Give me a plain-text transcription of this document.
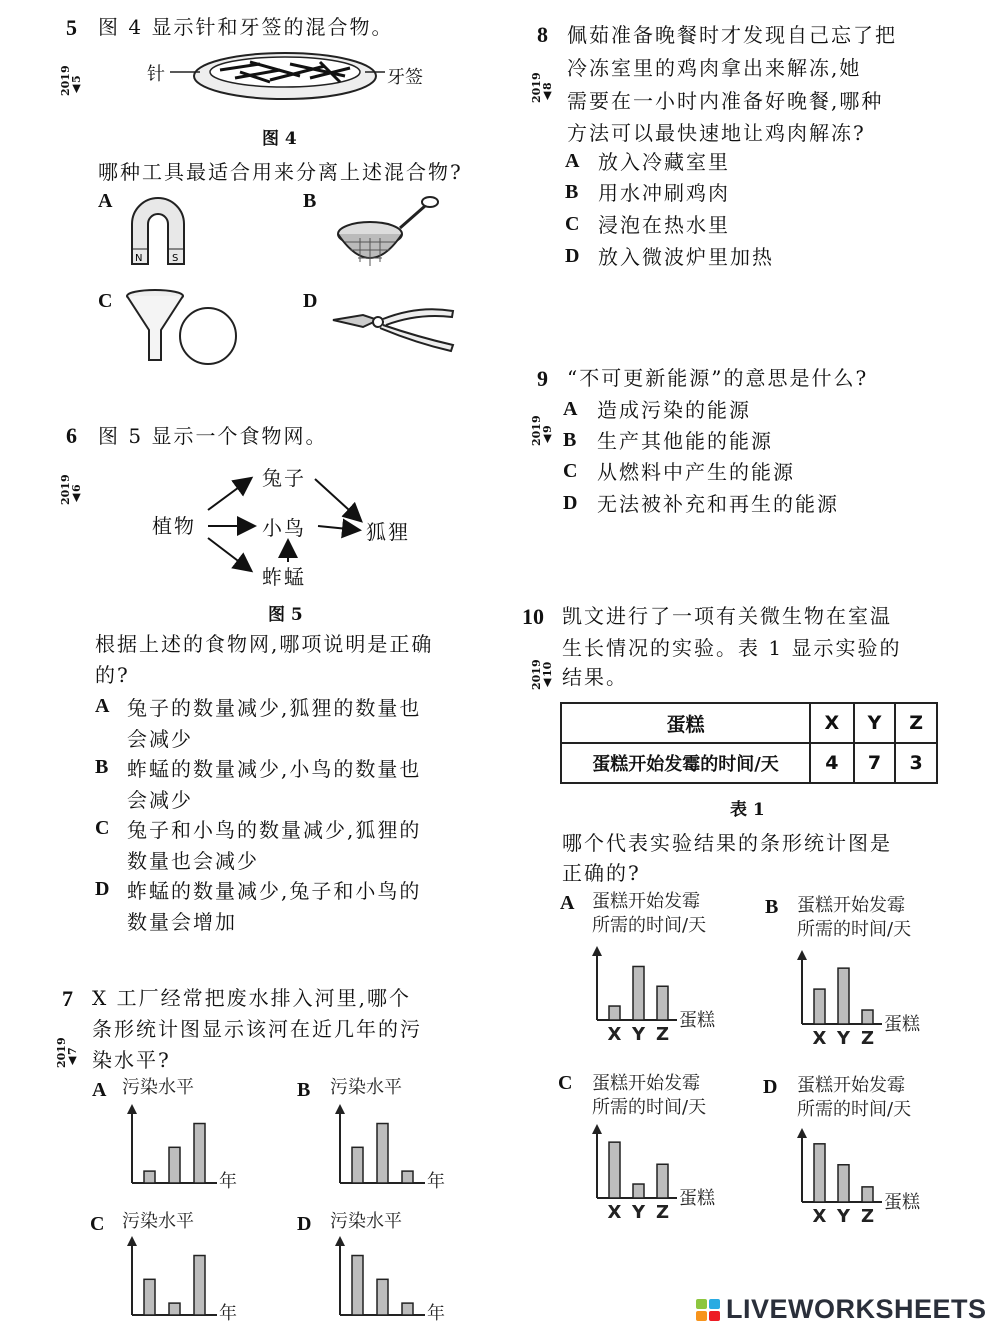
5 图 4 显示针和牙签的混合物。
2019 ▲5	针	牙签
图 4
哪种工具最适合用来分离上述混合物?
A
N	S
B
C	D
6 图 5 显示一个食物网。
2019 ▲6
植物
兔子
小鸟	狐狸
蚱蜢
图 5
根据上述的食物网,哪项说明是正确
的?
A 兔子的数量减少,狐狸的数量也
会减少
B 蚱蜢的数量减少,小鸟的数量也
会减少
C 兔子和小鸟的数量减少,狐狸的
数量也会减少
D 蚱蜢的数量减少,兔子和小鸟的
数量会增加
7 X 工厂经常把废水排入河里,哪个
条形统计图显示该河在近几年的污
染水平?
2019 ▲7
A 污染水平
年
B 污染水平
年
C 污染水平
年
D 污染水平
年
8 佩茹准备晚餐时才发现自己忘了把
冷冻室里的鸡肉拿出来解冻,她
需要在一小时内准备好晚餐,哪种
方法可以最快速地让鸡肉解冻?
2019 ▲8
A 放入冷藏室里
B 用水冲刷鸡肉
C 浸泡在热水里
D 放入微波炉里加热
9 “不可更新能源”的意思是什么?
2019 ▲9
A 造成污染的能源
B 生产其他能的能源
C 从燃料中产生的能源
D 无法被补充和再生的能源
10 凯文进行了一项有关微生物在室温
生长情况的实验。表 1 显示实验的
结果。
2019 ▲10
蛋糕	X	Y	Z
蛋糕开始发霉的时间/天	4	7	3
表 1
哪个代表实验结果的条形统计图是
正确的?
A 蛋糕开始发霉
所需的时间/天
X Y Z
蛋糕
B 蛋糕开始发霉
所需的时间/天
X Y Z
蛋糕
C 蛋糕开始发霉
所需的时间/天
X Y Z
蛋糕
D 蛋糕开始发霉
所需的时间/天
X Y Z
蛋糕
LIVEWORKSHEETS
